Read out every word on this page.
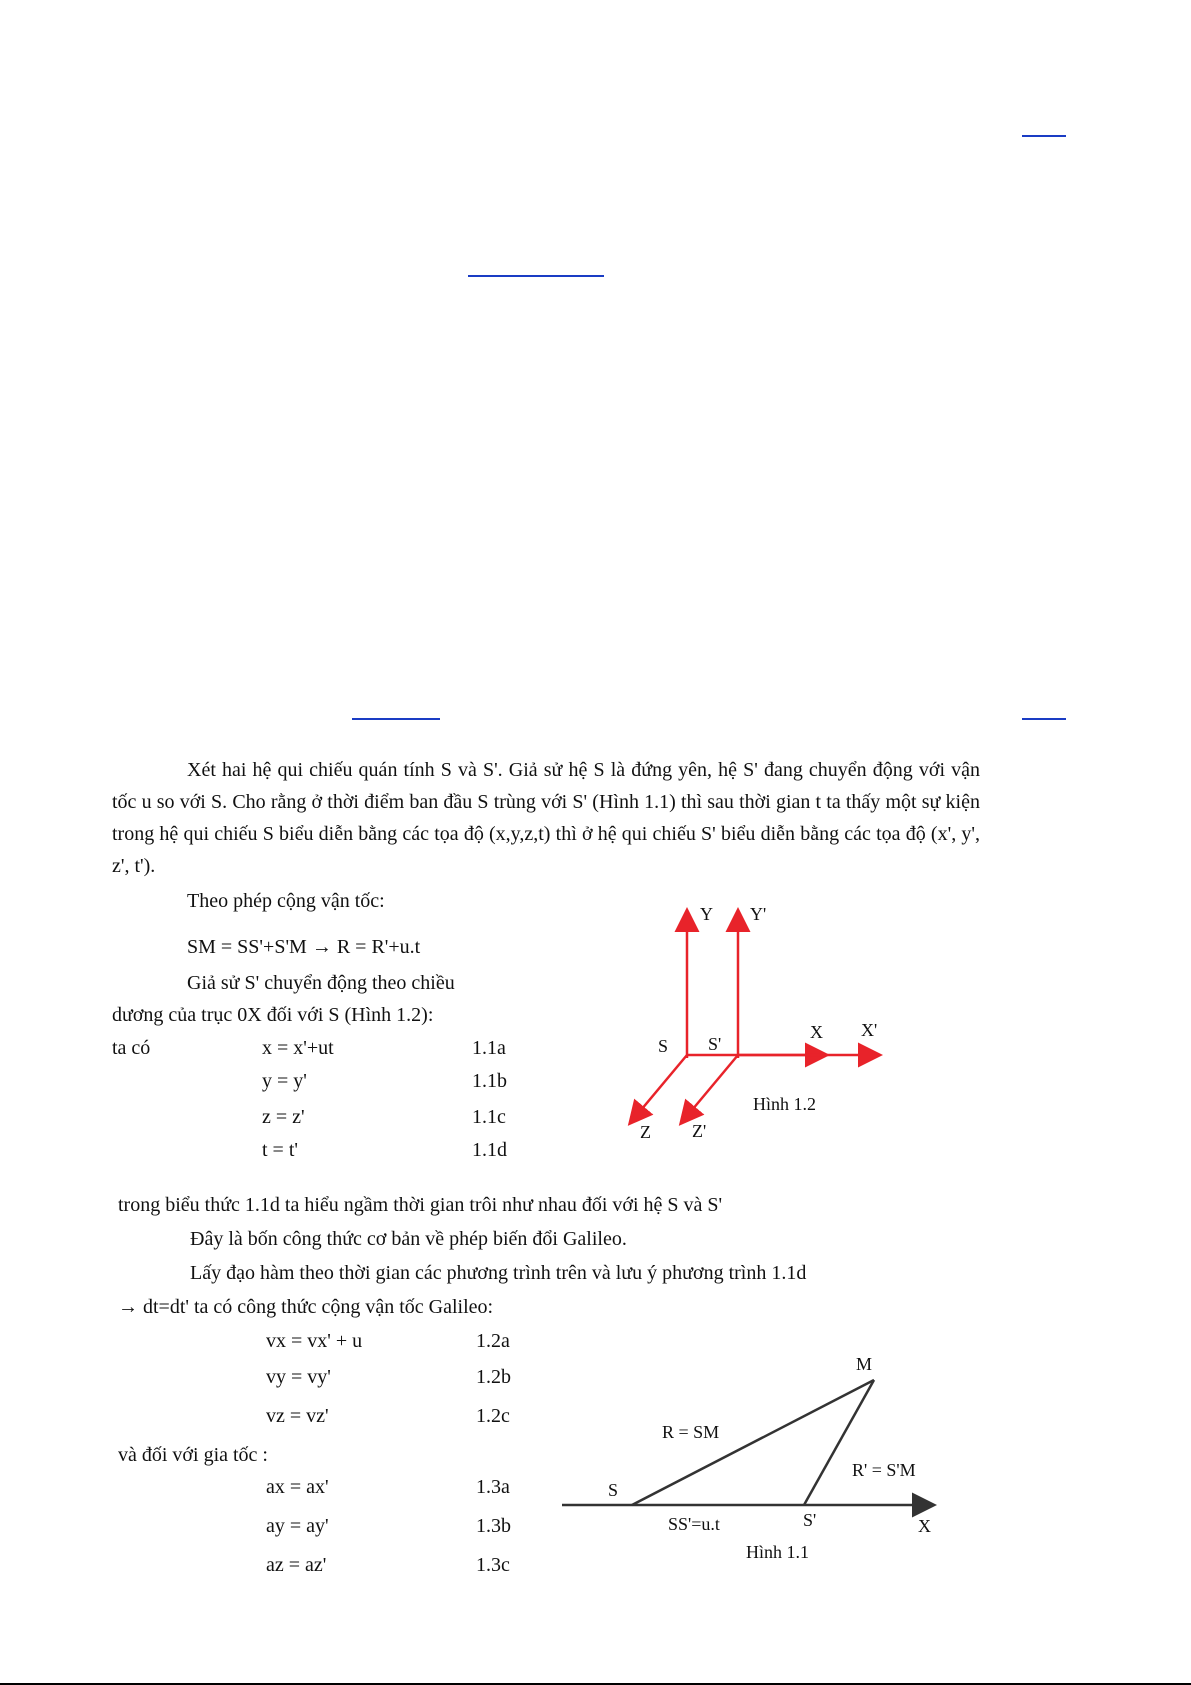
Xét hai hệ qui chiếu quán tính S và S'. Giả sử hệ S là đứng yên, hệ S' đang chuyển động với vận tốc u so với S. Cho rằng ở thời điểm ban đầu S trùng với S' (Hình 1.1) thì sau thời gian t ta thấy một sự kiện trong hệ qui chiếu S biểu diễn bằng các tọa độ (x,y,z,t) thì ở hệ qui chiếu S' biểu diễn bằng các tọa độ (x', y', z', t').

Theo phép cộng vận tốc:
SM = SS'+S'M → R = R'+u.t
Giả sử S' chuyển động theo chiều
dương của trục 0X đối với S (Hình 1.2):
ta có	x = x'+ut	1.1a
y = y'	1.1b
z = z'	1.1c
t = t'	1.1d
Y Y'
X X'
S S'
Z Z'
Hình 1.2
trong biểu thức 1.1d ta hiểu ngầm thời gian trôi như nhau đối với hệ S và S'
Đây là bốn công thức cơ bản về phép biến đổi Galileo.
Lấy đạo hàm theo thời gian các phương trình trên và lưu ý phương trình 1.1d
→ dt=dt' ta có công thức cộng vận tốc Galileo:
vx = vx' + u	1.2a
vy = vy'	1.2b
vz = vz'	1.2c
và đối với gia tốc :
ax = ax'	1.3a
ay = ay'	1.3b
az = az'	1.3c
M
R = SM
R' = S'M
S
S'
SS'=u.t	X
Hình 1.1
